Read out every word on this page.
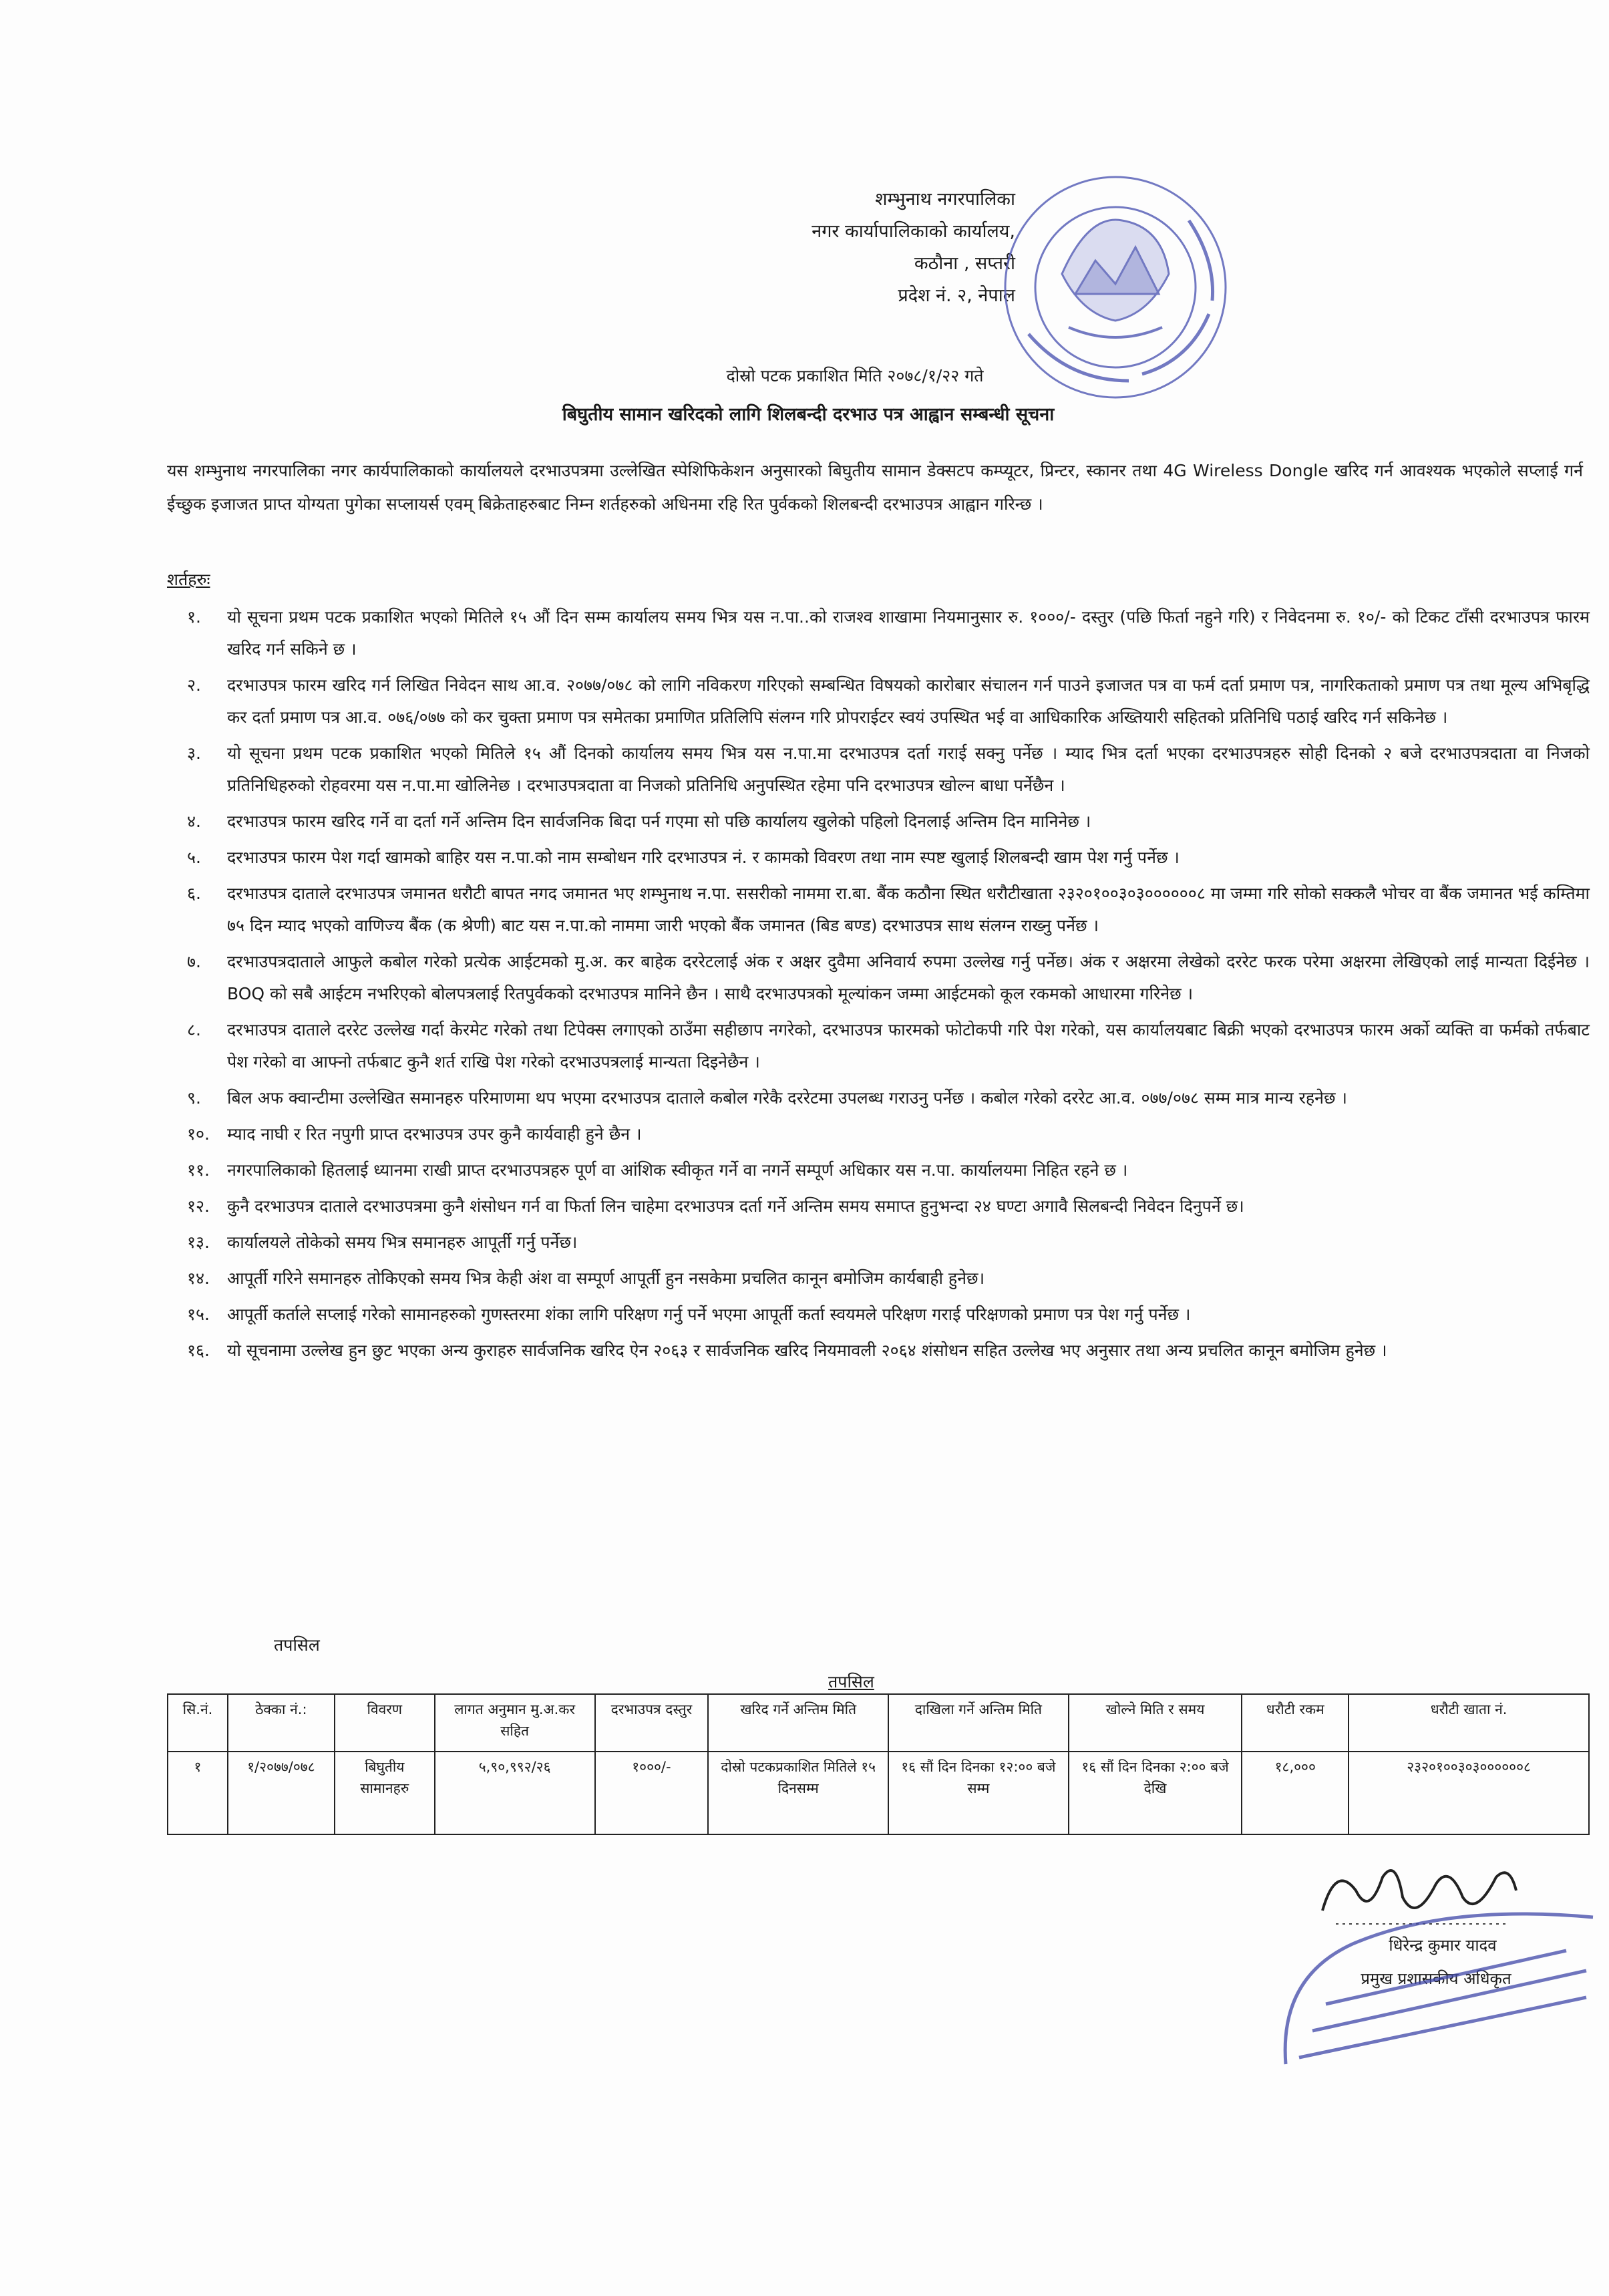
शम्भुनाथ नगरपालिका
नगर कार्यापालिकाको कार्यालय,
कठौना , सप्तरी
प्रदेश नं. २, नेपाल
दोस्रो पटक प्रकाशित मिति २०७८/१/२२ गते
बिघुतीय सामान खरिदको लागि शिलबन्दी दरभाउ पत्र आह्वान सम्बन्धी सूचना
यस शम्भुनाथ नगरपालिका नगर कार्यपालिकाको कार्यालयले दरभाउपत्रमा उल्लेखित स्पेशिफिकेशन अनुसारको बिघुतीय सामान डेक्सटप कम्प्यूटर, प्रिन्टर, स्कानर तथा 4G Wireless Dongle खरिद गर्न आवश्यक भएकोले सप्लाई गर्न ईच्छुक इजाजत प्राप्त योग्यता पुगेका सप्लायर्स एवम् बिक्रेताहरुबाट निम्न शर्तहरुको अधिनमा रहि रित पुर्वकको शिलबन्दी दरभाउपत्र आह्वान गरिन्छ ।
शर्तहरुः
१.	यो सूचना प्रथम पटक प्रकाशित भएको मितिले १५ औं दिन सम्म कार्यालय समय भित्र यस न.पा..को राजश्व शाखामा नियमानुसार रु. १०००/- दस्तुर (पछि फिर्ता नहुने गरि) र निवेदनमा रु. १०/- को टिकट टाँसी दरभाउपत्र फारम खरिद गर्न सकिने छ ।
२.	दरभाउपत्र फारम खरिद गर्न लिखित निवेदन साथ आ.व. २०७७/०७८ को लागि नविकरण गरिएको सम्बन्धित विषयको कारोबार संचालन गर्न पाउने इजाजत पत्र वा फर्म दर्ता प्रमाण पत्र, नागरिकताको प्रमाण पत्र तथा मूल्य अभिबृद्धि कर दर्ता प्रमाण पत्र आ.व. ०७६/०७७ को कर चुक्ता प्रमाण पत्र समेतका प्रमाणित प्रतिलिपि संलग्न गरि प्रोपराईटर स्वयं उपस्थित भई वा आधिकारिक अख्तियारी सहितको प्रतिनिधि पठाई खरिद गर्न सकिनेछ ।
३.	यो सूचना प्रथम पटक प्रकाशित भएको मितिले १५ औं दिनको कार्यालय समय भित्र यस न.पा.मा दरभाउपत्र दर्ता गराई सक्नु पर्नेछ । म्याद भित्र दर्ता भएका दरभाउपत्रहरु सोही दिनको २ बजे दरभाउपत्रदाता वा निजको प्रतिनिधिहरुको रोहवरमा यस न.पा.मा खोलिनेछ । दरभाउपत्रदाता वा निजको प्रतिनिधि अनुपस्थित रहेमा पनि दरभाउपत्र खोल्न बाधा पर्नेछैन ।
४.	दरभाउपत्र फारम खरिद गर्ने वा दर्ता गर्ने अन्तिम दिन सार्वजनिक बिदा पर्न गएमा सो पछि कार्यालय खुलेको पहिलो दिनलाई अन्तिम दिन मानिनेछ ।
५.	दरभाउपत्र फारम पेश गर्दा खामको बाहिर यस न.पा.को नाम सम्बोधन गरि दरभाउपत्र नं. र कामको विवरण तथा नाम स्पष्ट खुलाई शिलबन्दी खाम पेश गर्नु पर्नेछ ।
६.	दरभाउपत्र दाताले दरभाउपत्र जमानत धरौटी बापत नगद जमानत भए शम्भुनाथ न.पा. ससरीको नाममा रा.बा. बैंक कठौना स्थित धरौटीखाता २३२०१००३०३००००००८ मा जम्मा गरि सोको सक्कलै भोचर वा बैंक जमानत भई कम्तिमा ७५ दिन म्याद भएको वाणिज्य बैंक (क श्रेणी) बाट यस न.पा.को नाममा जारी भएको बैंक जमानत (बिड बण्ड) दरभाउपत्र साथ संलग्न राख्नु पर्नेछ ।
७.	दरभाउपत्रदाताले आफुले कबोल गरेको प्रत्येक आईटमको मु.अ. कर बाहेक दररेटलाई अंक र अक्षर दुवैमा अनिवार्य रुपमा उल्लेख गर्नु पर्नेछ। अंक र अक्षरमा लेखेको दररेट फरक परेमा अक्षरमा लेखिएको लाई मान्यता दिईनेछ । BOQ को सबै आईटम नभरिएको बोलपत्रलाई रितपुर्वकको दरभाउपत्र मानिने छैन । साथै दरभाउपत्रको मूल्यांकन जम्मा आईटमको कूल रकमको आधारमा गरिनेछ ।
८.	दरभाउपत्र दाताले दररेट उल्लेख गर्दा केरमेट गरेको तथा टिपेक्स लगाएको ठाउँमा सहीछाप नगरेको, दरभाउपत्र फारमको फोटोकपी गरि पेश गरेको, यस कार्यालयबाट बिक्री भएको दरभाउपत्र फारम अर्को व्यक्ति वा फर्मको तर्फबाट पेश गरेको वा आफ्नो तर्फबाट कुनै शर्त राखि पेश गरेको दरभाउपत्रलाई मान्यता दिइनेछैन ।
९.	बिल अफ क्वान्टीमा उल्लेखित समानहरु परिमाणमा थप भएमा दरभाउपत्र दाताले कबोल गरेकै दररेटमा उपलब्ध गराउनु पर्नेछ । कबोल गरेको दररेट आ.व. ०७७/०७८ सम्म मात्र मान्य रहनेछ ।
१०.	म्याद नाघी र रित नपुगी प्राप्त दरभाउपत्र उपर कुनै कार्यवाही हुने छैन ।
११.	नगरपालिकाको हितलाई ध्यानमा राखी प्राप्त दरभाउपत्रहरु पूर्ण वा आंशिक स्वीकृत गर्ने वा नगर्ने सम्पूर्ण अधिकार यस न.पा. कार्यालयमा निहित रहने छ ।
१२.	कुनै दरभाउपत्र दाताले दरभाउपत्रमा कुनै शंसोधन गर्न वा फिर्ता लिन चाहेमा दरभाउपत्र दर्ता गर्ने अन्तिम समय समाप्त हुनुभन्दा २४ घण्टा अगावै सिलबन्दी निवेदन दिनुपर्ने छ।
१३.	कार्यालयले तोकेको समय भित्र समानहरु आपूर्ती गर्नु पर्नेछ।
१४.	आपूर्ती गरिने समानहरु तोकिएको समय भित्र केही अंश वा सम्पूर्ण आपूर्ती हुन नसकेमा प्रचलित कानून बमोजिम कार्यबाही हुनेछ।
१५.	आपूर्ती कर्ताले सप्लाई गरेको सामानहरुको गुणस्तरमा शंका लागि परिक्षण गर्नु पर्ने भएमा आपूर्ती कर्ता स्वयमले परिक्षण गराई परिक्षणको प्रमाण पत्र पेश गर्नु पर्नेछ ।
१६.	यो सूचनामा उल्लेख हुन छुट भएका अन्य कुराहरु सार्वजनिक खरिद ऐन २०६३ र सार्वजनिक खरिद नियमावली २०६४ शंसोधन सहित उल्लेख भए अनुसार तथा अन्य प्रचलित कानून बमोजिम हुनेछ ।
तपसिल
तपसिल
सि.नं.	ठेक्का नं.:	विवरण	लागत अनुमान मु.अ.कर सहित	दरभाउपत्र दस्तुर	खरिद गर्ने अन्तिम मिति	दाखिला गर्ने अन्तिम मिति	खोल्ने मिति र समय	धरौटी रकम	धरौटी खाता नं.
१	१/२०७७/०७८	बिघुतीय सामानहरु	५,९०,९९२/२६	१०००/-	दोस्रो पटकप्रकाशित मितिले १५ दिनसम्म	१६ सौं दिन दिनका १२:०० बजे सम्म	१६ सौं दिन दिनका २:०० बजे देखि	१८,०००	२३२०१००३०३००००००८
धिरेन्द्र कुमार यादव
प्रमुख प्रशासकीय अधिकृत
